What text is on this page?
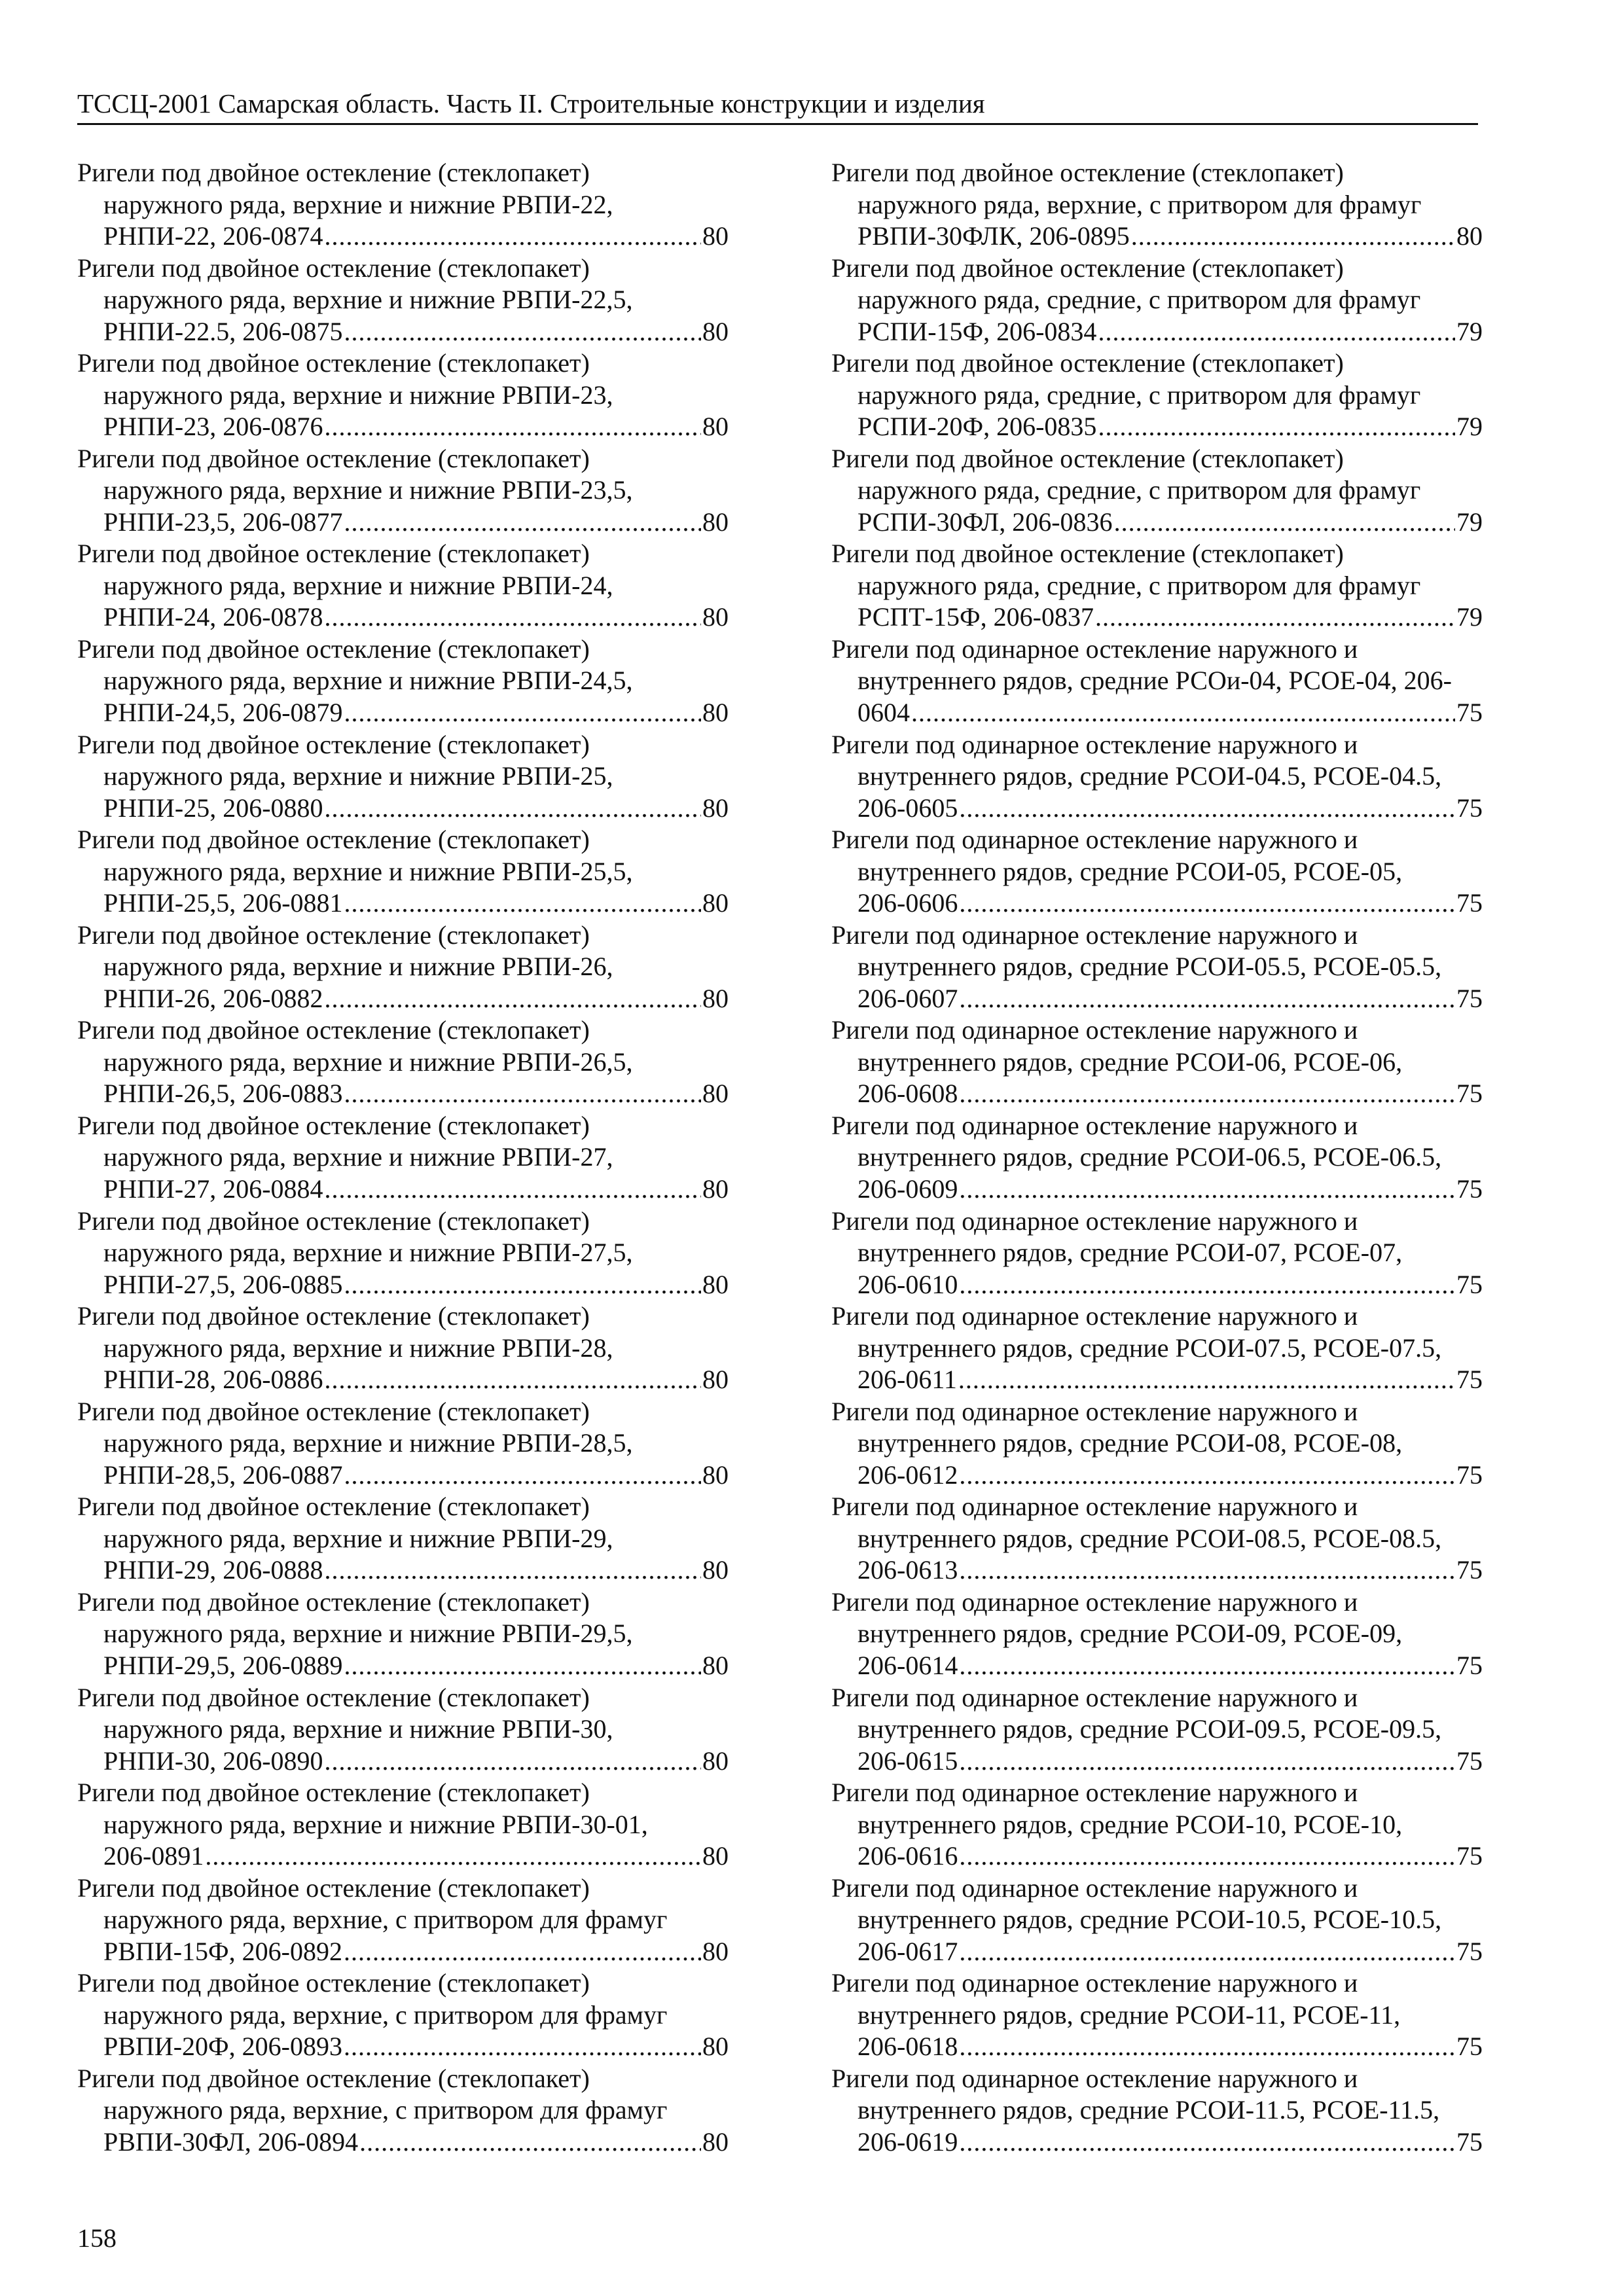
ТССЦ-2001 Самарская область. Часть II. Строительные конструкции и изделия
Ригели под двойное остекление (стеклопакет)
наружного ряда, верхние и нижние РВПИ-22,
РНПИ-22, 206-0874 .....	80
Ригели под двойное остекление (стеклопакет)
наружного ряда, верхние и нижние РВПИ-22,5,
РНПИ-22.5, 206-0875 .....	80
Ригели под двойное остекление (стеклопакет)
наружного ряда, верхние и нижние РВПИ-23,
РНПИ-23, 206-0876 .....	80
Ригели под двойное остекление (стеклопакет)
наружного ряда, верхние и нижние РВПИ-23,5,
РНПИ-23,5, 206-0877 .....	80
Ригели под двойное остекление (стеклопакет)
наружного ряда, верхние и нижние РВПИ-24,
РНПИ-24, 206-0878 .....	80
Ригели под двойное остекление (стеклопакет)
наружного ряда, верхние и нижние РВПИ-24,5,
РНПИ-24,5, 206-0879 .....	80
Ригели под двойное остекление (стеклопакет)
наружного ряда, верхние и нижние РВПИ-25,
РНПИ-25, 206-0880 .....	80
Ригели под двойное остекление (стеклопакет)
наружного ряда, верхние и нижние РВПИ-25,5,
РНПИ-25,5, 206-0881 .....	80
Ригели под двойное остекление (стеклопакет)
наружного ряда, верхние и нижние РВПИ-26,
РНПИ-26, 206-0882 .....	80
Ригели под двойное остекление (стеклопакет)
наружного ряда, верхние и нижние РВПИ-26,5,
РНПИ-26,5, 206-0883 .....	80
Ригели под двойное остекление (стеклопакет)
наружного ряда, верхние и нижние РВПИ-27,
РНПИ-27, 206-0884 .....	80
Ригели под двойное остекление (стеклопакет)
наружного ряда, верхние и нижние РВПИ-27,5,
РНПИ-27,5, 206-0885 .....	80
Ригели под двойное остекление (стеклопакет)
наружного ряда, верхние и нижние РВПИ-28,
РНПИ-28, 206-0886 .....	80
Ригели под двойное остекление (стеклопакет)
наружного ряда, верхние и нижние РВПИ-28,5,
РНПИ-28,5, 206-0887 .....	80
Ригели под двойное остекление (стеклопакет)
наружного ряда, верхние и нижние РВПИ-29,
РНПИ-29, 206-0888 .....	80
Ригели под двойное остекление (стеклопакет)
наружного ряда, верхние и нижние РВПИ-29,5,
РНПИ-29,5, 206-0889 .....	80
Ригели под двойное остекление (стеклопакет)
наружного ряда, верхние и нижние РВПИ-30,
РНПИ-30, 206-0890 .....	80
Ригели под двойное остекление (стеклопакет)
наружного ряда, верхние и нижние РВПИ-30-01,
206-0891 .....	80
Ригели под двойное остекление (стеклопакет)
наружного ряда, верхние, с притвором для фрамуг
РВПИ-15Ф, 206-0892 .....	80
Ригели под двойное остекление (стеклопакет)
наружного ряда, верхние, с притвором для фрамуг
РВПИ-20Ф, 206-0893 .....	80
Ригели под двойное остекление (стеклопакет)
наружного ряда, верхние, с притвором для фрамуг
РВПИ-30ФЛ, 206-0894 .....	80
Ригели под двойное остекление (стеклопакет)
наружного ряда, верхние, с притвором для фрамуг
РВПИ-30ФЛК, 206-0895 .....	80
Ригели под двойное остекление (стеклопакет)
наружного ряда, средние, с притвором для фрамуг
РСПИ-15Ф, 206-0834 .....	79
Ригели под двойное остекление (стеклопакет)
наружного ряда, средние, с притвором для фрамуг
РСПИ-20Ф, 206-0835 .....	79
Ригели под двойное остекление (стеклопакет)
наружного ряда, средние, с притвором для фрамуг
РСПИ-30ФЛ, 206-0836 .....	79
Ригели под двойное остекление (стеклопакет)
наружного ряда, средние, с притвором для фрамуг
РСПТ-15Ф, 206-0837 .....	79
Ригели под одинарное остекление наружного и
внутреннего рядов, средние РСОи-04, РСОЕ-04, 206-
0604 .....	75
Ригели под одинарное остекление наружного и
внутреннего рядов, средние РСОИ-04.5, РСОЕ-04.5,
206-0605 .....	75
Ригели под одинарное остекление наружного и
внутреннего рядов, средние РСОИ-05, РСОЕ-05,
206-0606 .....	75
Ригели под одинарное остекление наружного и
внутреннего рядов, средние РСОИ-05.5, РСОЕ-05.5,
206-0607 .....	75
Ригели под одинарное остекление наружного и
внутреннего рядов, средние РСОИ-06, РСОЕ-06,
206-0608 .....	75
Ригели под одинарное остекление наружного и
внутреннего рядов, средние РСОИ-06.5, РСОЕ-06.5,
206-0609 .....	75
Ригели под одинарное остекление наружного и
внутреннего рядов, средние РСОИ-07, РСОЕ-07,
206-0610 .....	75
Ригели под одинарное остекление наружного и
внутреннего рядов, средние РСОИ-07.5, РСОЕ-07.5,
206-0611 .....	75
Ригели под одинарное остекление наружного и
внутреннего рядов, средние РСОИ-08, РСОЕ-08,
206-0612 .....	75
Ригели под одинарное остекление наружного и
внутреннего рядов, средние РСОИ-08.5, РСОЕ-08.5,
206-0613 .....	75
Ригели под одинарное остекление наружного и
внутреннего рядов, средние РСОИ-09, РСОЕ-09,
206-0614 .....	75
Ригели под одинарное остекление наружного и
внутреннего рядов, средние РСОИ-09.5, РСОЕ-09.5,
206-0615 .....	75
Ригели под одинарное остекление наружного и
внутреннего рядов, средние РСОИ-10, РСОЕ-10,
206-0616 .....	75
Ригели под одинарное остекление наружного и
внутреннего рядов, средние РСОИ-10.5, РСОЕ-10.5,
206-0617 .....	75
Ригели под одинарное остекление наружного и
внутреннего рядов, средние РСОИ-11, РСОЕ-11,
206-0618 .....	75
Ригели под одинарное остекление наружного и
внутреннего рядов, средние РСОИ-11.5, РСОЕ-11.5,
206-0619 .....	75
158
